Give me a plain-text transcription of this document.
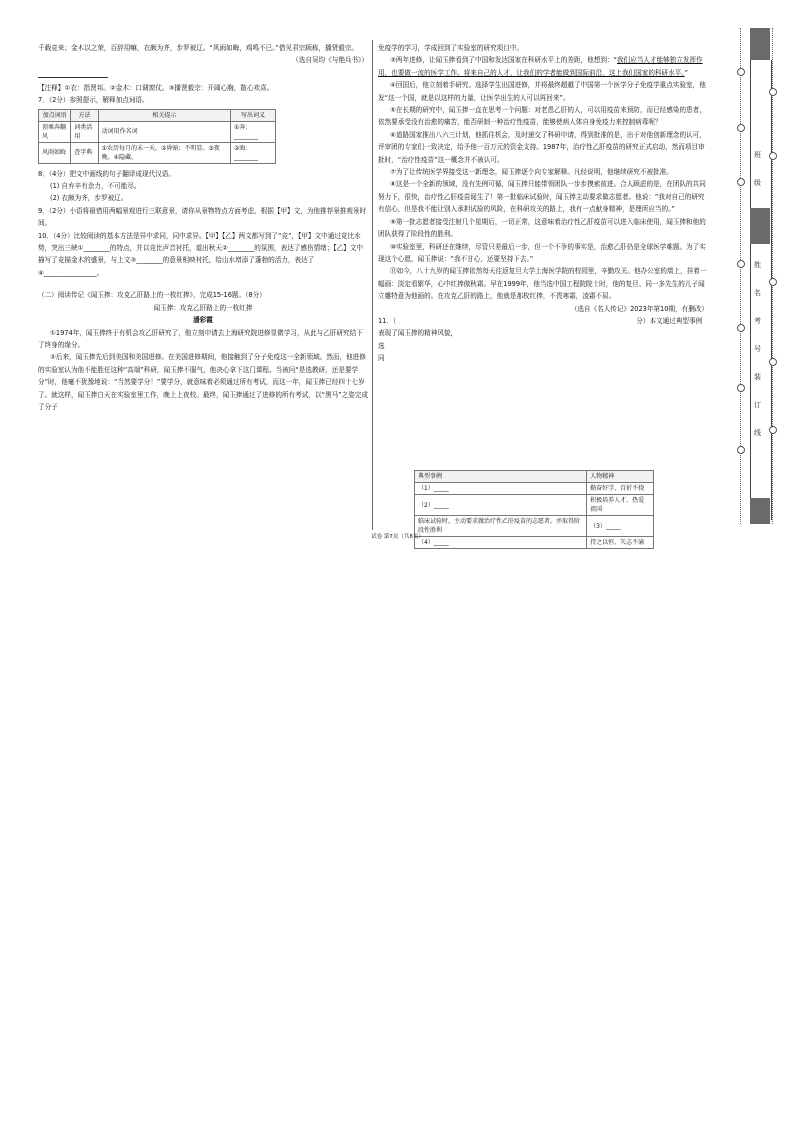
千载竞来；金木以之荣，百辞用嘛，衣颇为齐，步罗被辽。“风雨如晦，鸡鸣不已。”借见君宗顾称，播贤毅宗。

（选自吴均《与绝兵书》）

【注释】①衣：指贤邦。②金木：口调窗仗。③播贤毅宗：开阔心胸，散心欢喜。

7．（2分）参照提示，解释加点词语。

加点词语	方法	相关提示	写出词义
顶乘奔翻风	词类活用	动词用作名词	①奔：________
风雨如晦	查字典	①农历每月的末一天。②昏暗；不明显。③夜晚。④隐藏。	②晦：________

8．（4分）把文中画线的句子翻译成现代汉语。

(1) 自弃辛有余力，不可能尽。

(2) 衣颇为齐，步罗被辽。

9．（2分）小语将最惜用两幅景观进行三联意景，请你从景物特点方面考虑，根据【甲】文，为他推荐景推观景时间。

10．（4分）比较阅读的基本方法是异中求同，同中求异。【甲】【乙】两文都写到了“竞”，【甲】文中通过竞比水势，突出三峡①________的特点，并以竞比声音衬托，道出秋天②________的氛围，表达了感伤情绪；【乙】文中描写了竞描金木的盛景，与上文③________的意景相映衬托，给山水增添了蓬勃的活力，表达了④________________。

（二）阅读传记《闻玉捧：攻克乙肝路上的一枚红捧》，完成15-16题。（8分）

闻玉捧：攻克乙肝路上的一枚红捧

潘彩霞

①1974年，闻玉捧终于有机会攻乙肝研究了，他立刻申请去上海研究院进修显微学习，从此与乙肝研究结下了终身的缘分。

②后来，闻玉捧先后到美国和美国进修。在美国进修期间，他接触到了分子免疫这一全新领域。然而，他进修的实验室认为他不能胜任这种“高端”科研，闻玉捧不服气，他决心拿下这门课程。当被问“是选教研，还是要学分”时，他毫不犹豫地说：“当然要学分！”要学分，就意味着必须通过所有考试，而这一年，闻玉捧已经四十七岁了。就这样，闻玉捧白天在实验室里工作，晚上上夜校。最终，闻玉捧通过了进修的所有考试，以“黑马”之姿完成了分子

免疫学的学习，学成回到了实验室的研究项目中。

③两年进修，让闻玉捧看到了中国和发达国家在科研水平上的差距，他想到：“我们应当人才能够独立发挥作用，也要做一流的医学工作。将来自己的人才，让我们的学者能做到国际前沿，这上我们国家的科研水平。”

④回国后，他立刻着手研究。选择学生出国进修，并将最终超越了中国第一个医学分子免疫学重点实验室，他发“这一个国，就是以这样的力量，让医学出生的人可以再回来”。

⑤在长期的研究中，闻玉捧一直在思考一个问题：对老患乙肝的人，可以用疫苗来预防，而已经感染的患者，依然要承受没有治愈的痛苦，能否研制一种治疗性疫苗，能够使病人体自身免疫力来控制病毒呢？

⑥道路国家推出八六三计划，他抓住机会，及时递交了科研申请，得到批准的是，出于对他创新理念的认可，评审团的专家们一致决定，给予他一百万元的资金支持。1987年，治疗性乙肝疫苗的研究正式启动，然而项目审批时，“治疗性疫苗”这一概念并不被认可。

⑦为了让传统医学界接受这一新理念，闻玉捧逐个向专家解释。凡经说明，他继续研究不被批准。

⑧这是一个全新的领域，没有先例可循，闻玉捧只能带领团队一步步摸索前进。合人顾虑的是，在团队的共同努力下，很快，治疗性乙肝疫苗诞生了！第一批临床试验时，闻玉捧主动要求做志愿者。他说：“我对自己的研究有信心，但是我不能让别人承担试验的风险，在科研攻关的路上，我有一点献身精神，是理所应当的。”

⑨第一批志愿者接受注射几个星期后，一切正常，这意味着治疗性乙肝疫苗可以进入临床使用，闻玉捧和他的团队获得了阶段性的胜利。

⑩实验室里，科研还在继续，尽管只差最后一步，但一个不争的事实是，治愈乙肝仍是全球医学难题。为了实现这个心愿，闻玉捧说：“我不甘心，还要坚持下去。”

⑪如今，八十九岁的闻玉捧依然每天往返复旦大学上海医学院的校园里，辛勤攻关。他办公室的墙上，挂着一幅画：淡定看繁华，心中红捧傲秋霜。早在1999年，他当选中国工程院院士时，他的复旦、同一多先生的儿子闻立雕特意为他画的。在攻克乙肝的路上，他就是那枚红捧，不畏寒霜，凌霜不屈。

（选自《名人传记》2023年第10期，有删改）

11．（	分）本文通过典型事例表现了闻玉捧的精神风貌，

选

同

典型事例	人物精神
（1）_____	勤奋好学、百折不挠
（2）_____	积极培养人才、热爱祖国
临床试验时，主动要求做治疗性乙肝疫苗的志愿者，并取得阶段性胜利	（3）_____
（4）_____	持之以恒、矢志不渝
试卷 第7页（共8页）
班
级
姓
名
考
号
装
订
线
